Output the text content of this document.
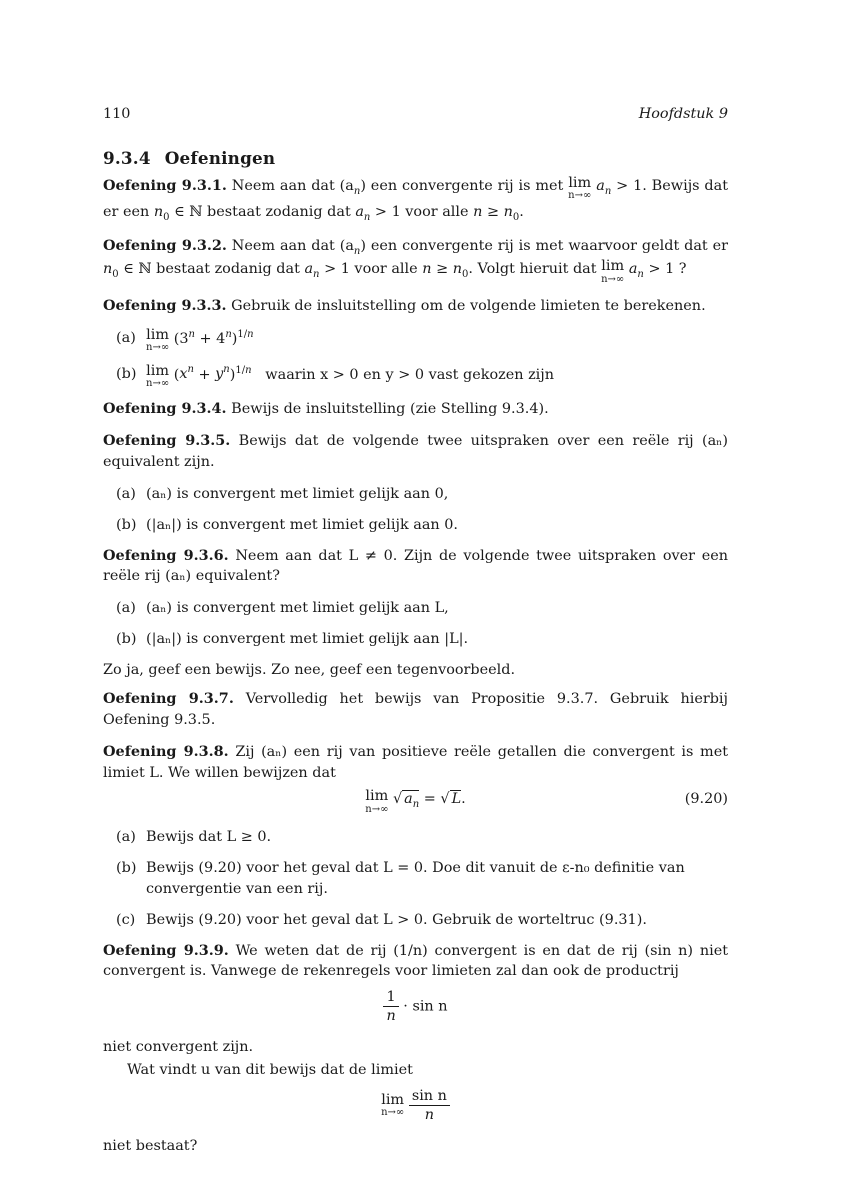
110	Hoofdstuk 9
9.3.4 Oefeningen

Oefening 9.3.1. Neem aan dat $(a_n)$ een convergente rij is met lim
n→∞
$a_n > 1$. Bewijs dat er een $n_0$ ∈ ℕ bestaat zodanig dat $a_n > 1$ voor alle $n \ge n_0$.

Oefening 9.3.2. Neem aan dat $(a_n)$ een convergente rij is met waarvoor geldt dat er $n_0$ ∈ ℕ bestaat zodanig dat $a_n > 1$ voor alle $n \ge n_0$. Volgt hieruit dat lim
n→∞
$a_n > 1$ ?

Oefening 9.3.3. Gebruik de insluitstelling om de volgende limieten te berekenen.

(a) lim
n→∞
$(3^n + 4^n)^{1/n}$
(b) lim
n→∞
$(x^n + y^n)^{1/n}$ waarin x > 0 en y > 0 vast gekozen zijn

Oefening 9.3.4. Bewijs de insluitstelling (zie Stelling 9.3.4).

Oefening 9.3.5. Bewijs dat de volgende twee uitspraken over een reële rij (aₙ) equivalent zijn.

(a) (aₙ) is convergent met limiet gelijk aan 0,
(b) (|aₙ|) is convergent met limiet gelijk aan 0.

Oefening 9.3.6. Neem aan dat L ≠ 0. Zijn de volgende twee uitspraken over een reële rij (aₙ) equivalent?

(a) (aₙ) is convergent met limiet gelijk aan L,
(b) (|aₙ|) is convergent met limiet gelijk aan |L|.

Zo ja, geef een bewijs. Zo nee, geef een tegenvoorbeeld.

Oefening 9.3.7. Vervolledig het bewijs van Propositie 9.3.7. Gebruik hierbij Oefening 9.3.5.

Oefening 9.3.8. Zij (aₙ) een rij van positieve reële getallen die convergent is met limiet L. We willen bewijzen dat

lim
n→∞
√ $a_n$ = √ L.	(9.20)
(a) Bewijs dat L ≥ 0.
(b) Bewijs (9.20) voor het geval dat L = 0. Doe dit vanuit de ε-n₀ definitie van convergentie van een rij.
(c) Bewijs (9.20) voor het geval dat L > 0. Gebruik de worteltruc (9.31).

Oefening 9.3.9. We weten dat de rij (1/n) convergent is en dat de rij (sin n) niet convergent is. Vanwege de rekenregels voor limieten zal dan ook de productrij

$\frac{1}{n} \cdot \sin n$

niet convergent zijn.

Wat vindt u van dit bewijs dat de limiet

lim
n→∞
$\frac{\text{sin n}}{n}$

niet bestaat?
